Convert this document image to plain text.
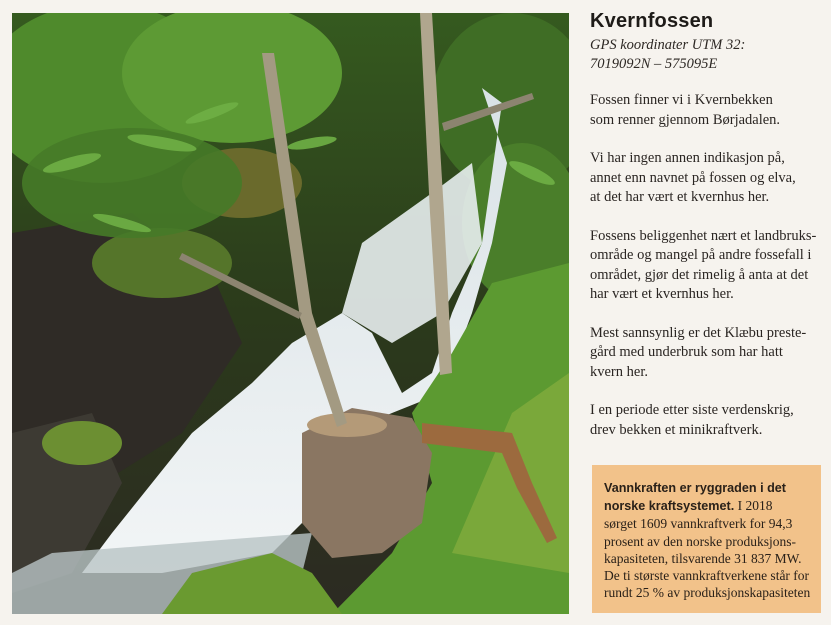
Kvernfossen
GPS koordinater UTM 32:
7019092N – 575095E

Fossen finner vi i Kvernbekken
som renner gjennom Børjadalen.

Vi har ingen annen indikasjon på,
annet enn navnet på fossen og elva,
at det har vært et kvernhus her.

Fossens beliggenhet nært et landbruks-
område og mangel på andre fossefall i
området, gjør det rimelig å anta at det
har vært et kvernhus her.

Mest sannsynlig er det Klæbu preste-
gård med underbruk som har hatt
kvern her.

I en periode etter siste verdenskrig,
drev bekken et minikraftverk.

Vannkraften er ryggraden i det
norske kraftsystemet. I 2018
sørget 1609 vannkraftverk for 94,3
prosent av den norske produksjons-
kapasiteten, tilsvarende 31 837 MW.
De ti største vannkraftverkene står for
rundt 25 % av produksjonskapasiteten
